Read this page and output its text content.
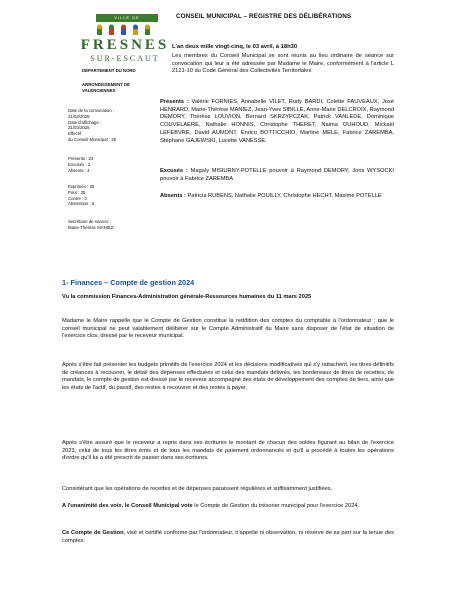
VILLE DE
FRESNES
SUR-ESCAUT
DÉPARTEMENT DU NORD
ARRONDISSEMENT DE VALENCIENNES
CONSEIL MUNICIPAL – REGISTRE DES DÉLIBÉRATIONS
Date de la convocation :
21/03/2025
Date d'affichage :
21/03/2025
Effectif
du Conseil Municipal : 29
Présents : 23
Excusés : 2
Absents : 4
Exprimés : 25
Pour : 25
Contre : 0
Abstention : 0
Secrétaire de séance :
Marie-Thérèse MANIEZ
L'an deux mille vingt-cinq, le 03 avril, à 18h30
Les membres du Conseil Municipal se sont réunis au lieu ordinaire de séance sur convocation qui leur a été adressée par Madame le Maire, conformément à l'article L 2121-10 du Code Général des Collectivités Territoriales
Présents : Valérie FORNIES, Annabelle VILET, Rudy BARDI, Colette FAUVEAUX, José HENRARD, Marie-Thérèse MANIEZ, Jean-Yves SIBILLE, Anne-Marie DELCROIX, Raymond DEMORY, Thérèse LOUVION, Bernard SKRZYPCZAK, Patrick VANLEDE, Dominique COUVELAERE, Nathalie HONNIS, Christophe THERET, Naima OUHOUD, Mickaël LEFEBVRE, David AUMONT, Enrico BOTTICCHIO, Martine MELE, Fabrice ZAREMBA, Stéphane GAJEWSKI, Lucette VANESSE.
Excusés : Magaly MISIURNY-POTELLE pouvoir à Raymond DEMORY, Joris WYSOCKI pouvoir à Fabrice ZAREMBA
Absents : Patricia RUBENS, Nathalie POUILLY, Christophe HECHT, Maxime POTELLE
1- Finances – Compte de gestion 2024
Vu la commission Finances-Administration générale-Ressources humaines du 11 mars 2025
Madame le Maire rappelle que le Compte de Gestion constitue la reddition des comptes du comptable à l'ordonnateur ; que le conseil municipal ne peut valablement délibérer sur le Compte Administratif du Maire sans disposer de l'état de situation de l'exercice clos, dressé par le receveur municipal.
Après s'être fait présenter les budgets primitifs de l'exercice 2024 et les décisions modificatives qui s'y rattachent, les titres définitifs de créances à recouvrer, le détail des dépenses effectuées et celui des mandats délivrés, les bordereaux de titres de recettes, de mandats, le compte de gestion est dressé par le receveur accompagné des états de développement des comptes de tiers, ainsi que les états de l'actif, du passif, des restes à recouvrer et des restes à payer.
Après s'être assuré que le receveur a repris dans ses écritures le montant de chacun des soldes figurant au bilan de l'exercice 2023, celui de tous les titres émis et de tous les mandats de paiement ordonnancés et qu'il a procédé à toutes les opérations d'ordre qu'il lui a été prescrit de passer dans ses écritures.
Considérant que les opérations de recettes et de dépenses paraissent régulières et suffisamment justifiées,
A l'unanimité des voix, le Conseil Municipal vote le Compte de Gestion du trésorier municipal pour l'exercice 2024.
Ce Compte de Gestion, visé et certifié conforme par l'ordonnateur, n'appelle ni observation, ni réserve de sa part sur la tenue des comptes.
